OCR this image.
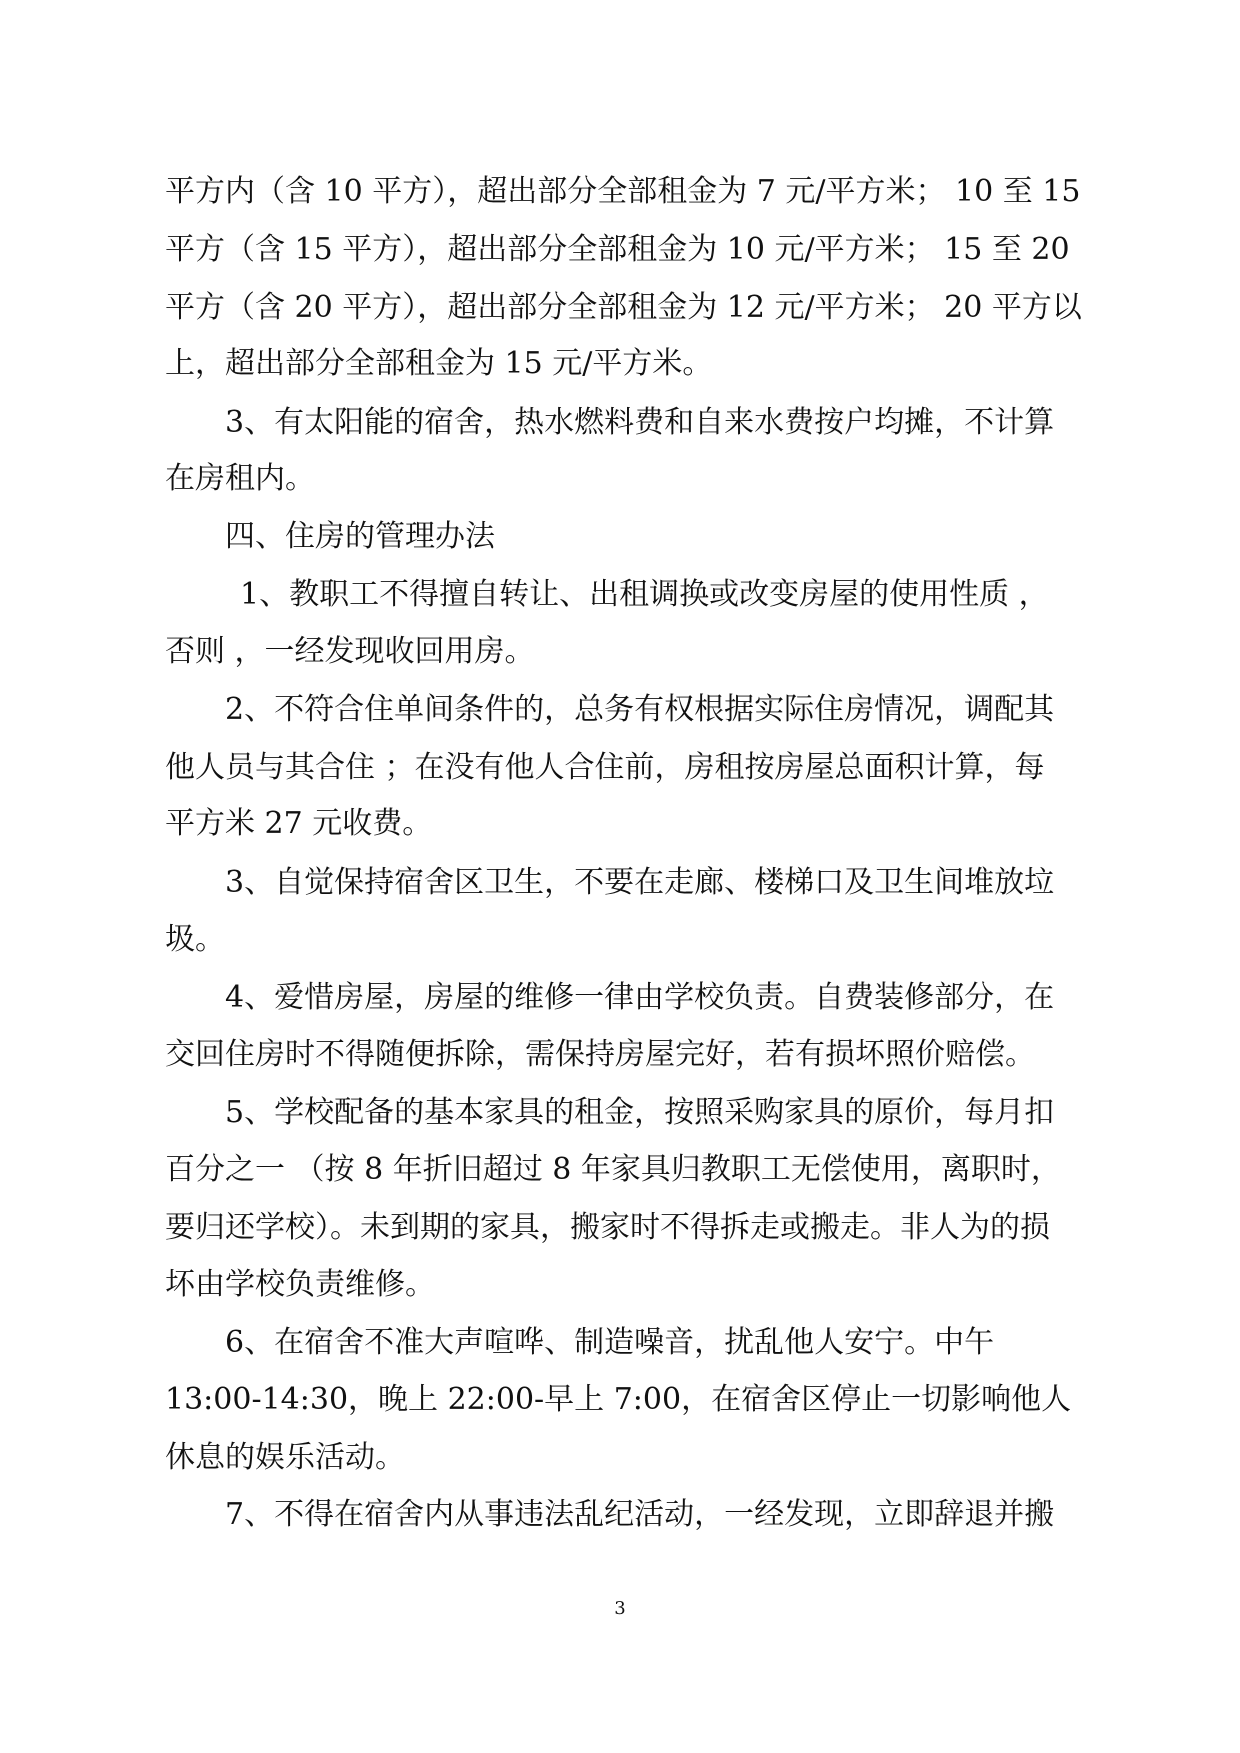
平方内（含 10 平方），超出部分全部租金为 7 元/平方米； 10 至 15
平方（含 15 平方），超出部分全部租金为 10 元/平方米； 15 至 20
平方（含 20 平方），超出部分全部租金为 12 元/平方米； 20 平方以
上，超出部分全部租金为 15 元/平方米。
3、有太阳能的宿舍，热水燃料费和自来水费按户均摊，不计算
在房租内。
四、住房的管理办法
1、教职工不得擅自转让、出租调换或改变房屋的使用性质 ，
否则 ，一经发现收回用房。
2、不符合住单间条件的，总务有权根据实际住房情况，调配其
他人员与其合住 ；在没有他人合住前，房租按房屋总面积计算，每
平方米 27 元收费。
3、自觉保持宿舍区卫生，不要在走廊、楼梯口及卫生间堆放垃
圾。
4、爱惜房屋，房屋的维修一律由学校负责。自费装修部分，在
交回住房时不得随便拆除，需保持房屋完好，若有损坏照价赔偿。
5、学校配备的基本家具的租金，按照采购家具的原价，每月扣
百分之一 （按 8 年折旧超过 8 年家具归教职工无偿使用，离职时，
要归还学校）。未到期的家具，搬家时不得拆走或搬走。非人为的损
坏由学校负责维修。
6、在宿舍不准大声喧哗、制造噪音，扰乱他人安宁。中午
13:00-14:30，晚上 22:00-早上 7:00，在宿舍区停止一切影响他人
休息的娱乐活动。
7、不得在宿舍内从事违法乱纪活动，一经发现，立即辞退并搬
3
